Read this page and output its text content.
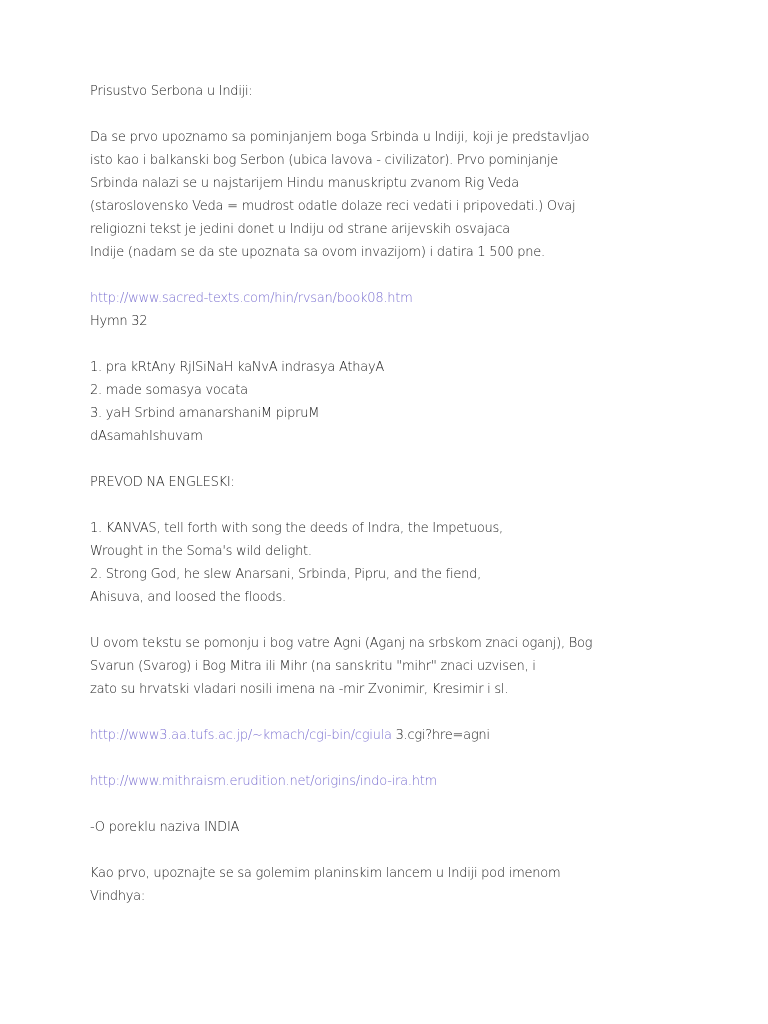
Prisustvo Serbona u Indiji:
Da se prvo upoznamo sa pominjanjem boga Srbinda u Indiji, koji je predstavljao
isto kao i balkanski bog Serbon (ubica lavova - civilizator). Prvo pominjanje
Srbinda nalazi se u najstarijem Hindu manuskriptu zvanom Rig Veda
(staroslovensko Veda = mudrost odatle dolaze reci vedati i pripovedati.) Ovaj
religiozni tekst je jedini donet u Indiju od strane arijevskih osvajaca
Indije (nadam se da ste upoznata sa ovom invazijom) i datira 1 500 pne.
http://www.sacred-texts.com/hin/rvsan/book08.htm
Hymn 32
1. pra kRtAny RjISiNaH kaNvA indrasya AthayA
2. made somasya vocata
3. yaH Srbind amanarshaniM pipruM
dAsamahIshuvam
PREVOD NA ENGLESKI:
1. KANVAS, tell forth with song the deeds of Indra, the Impetuous,
Wrought in the Soma's wild delight.
2. Strong God, he slew Anarsani, Srbinda, Pipru, and the fiend,
Ahisuva, and loosed the floods.
U ovom tekstu se pomonju i bog vatre Agni (Aganj na srbskom znaci oganj), Bog
Svarun (Svarog) i Bog Mitra ili Mihr (na sanskritu "mihr" znaci uzvisen, i
zato su hrvatski vladari nosili imena na -mir Zvonimir, Kresimir i sl.
http://www3.aa.tufs.ac.jp/~kmach/cgi-bin/cgiula 3.cgi?hre=agni
http://www.mithraism.erudition.net/origins/indo-ira.htm
-O poreklu naziva INDIA
Kao prvo, upoznajte se sa golemim planinskim lancem u Indiji pod imenom
Vindhya:
